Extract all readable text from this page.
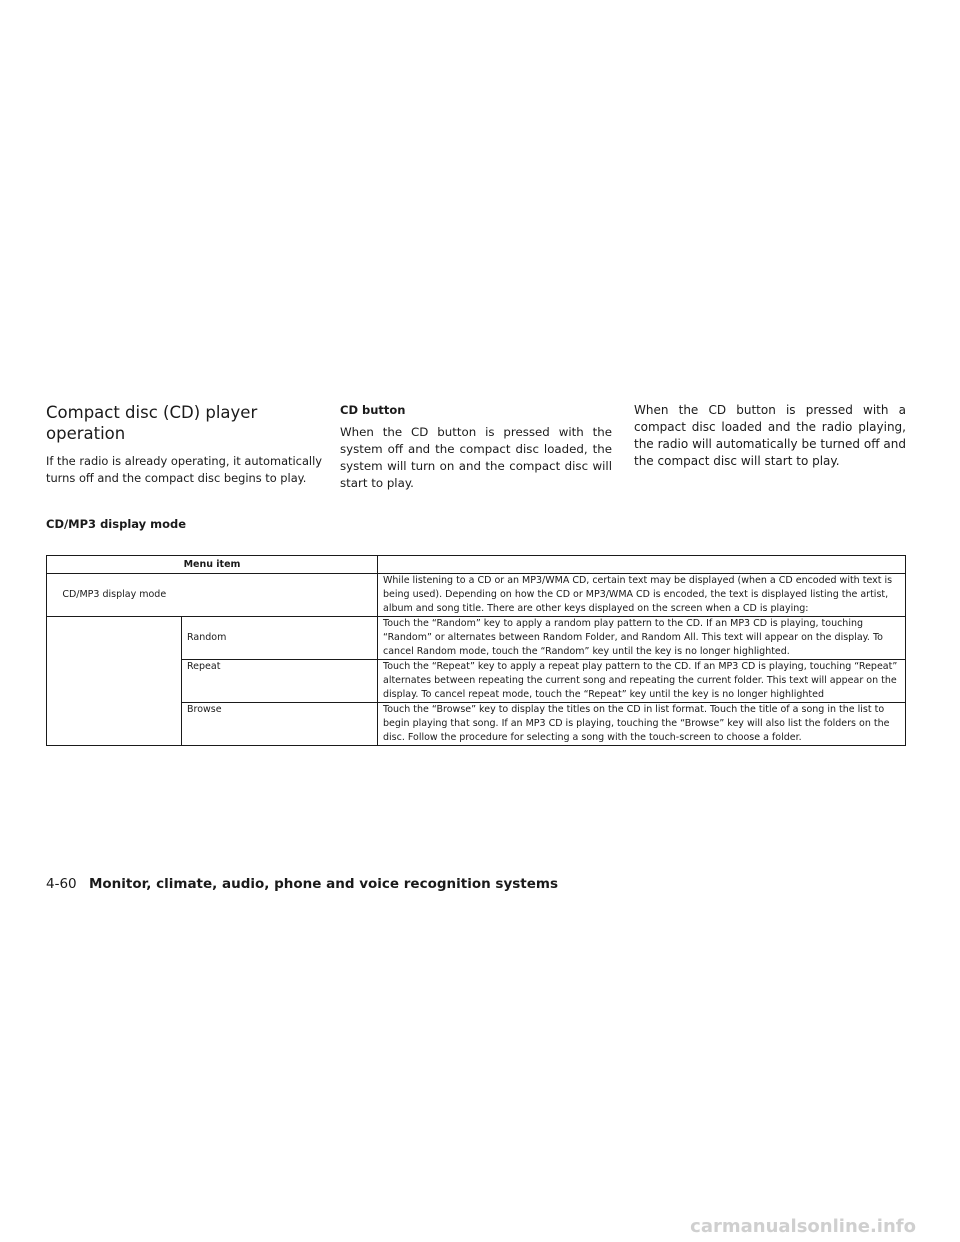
Compact disc (CD) player operation

If the radio is already operating, it automatically turns off and the compact disc begins to play.

CD button

When the CD button is pressed with the system off and the compact disc loaded, the system will turn on and the compact disc will start to play.

When the CD button is pressed with a compact disc loaded and the radio playing, the radio will automatically be turned off and the compact disc will start to play.

CD/MP3 display mode
Menu item		
CD/MP3 display mode		While listening to a CD or an MP3/WMA CD, certain text may be displayed (when a CD encoded with text is being used). Depending on how the CD or MP3/WMA CD is encoded, the text is displayed listing the artist, album and song title. There are other keys displayed on the screen when a CD is playing:
	Random	Touch the “Random” key to apply a random play pattern to the CD. If an MP3 CD is playing, touching “Random” or alternates between Random Folder, and Random All. This text will appear on the display. To cancel Random mode, touch the “Random” key until the key is no longer highlighted.
	Repeat	Touch the “Repeat” key to apply a repeat play pattern to the CD. If an MP3 CD is playing, touching “Repeat” alternates between repeating the current song and repeating the current folder. This text will appear on the display. To cancel repeat mode, touch the “Repeat” key until the key is no longer highlighted
	Browse	Touch the “Browse” key to display the titles on the CD in list format. Touch the title of a song in the list to begin playing that song. If an MP3 CD is playing, touching the “Browse” key will also list the folders on the disc. Follow the procedure for selecting a song with the touch-screen to choose a folder.
4-60 Monitor, climate, audio, phone and voice recognition systems
carmanualsonline.info
